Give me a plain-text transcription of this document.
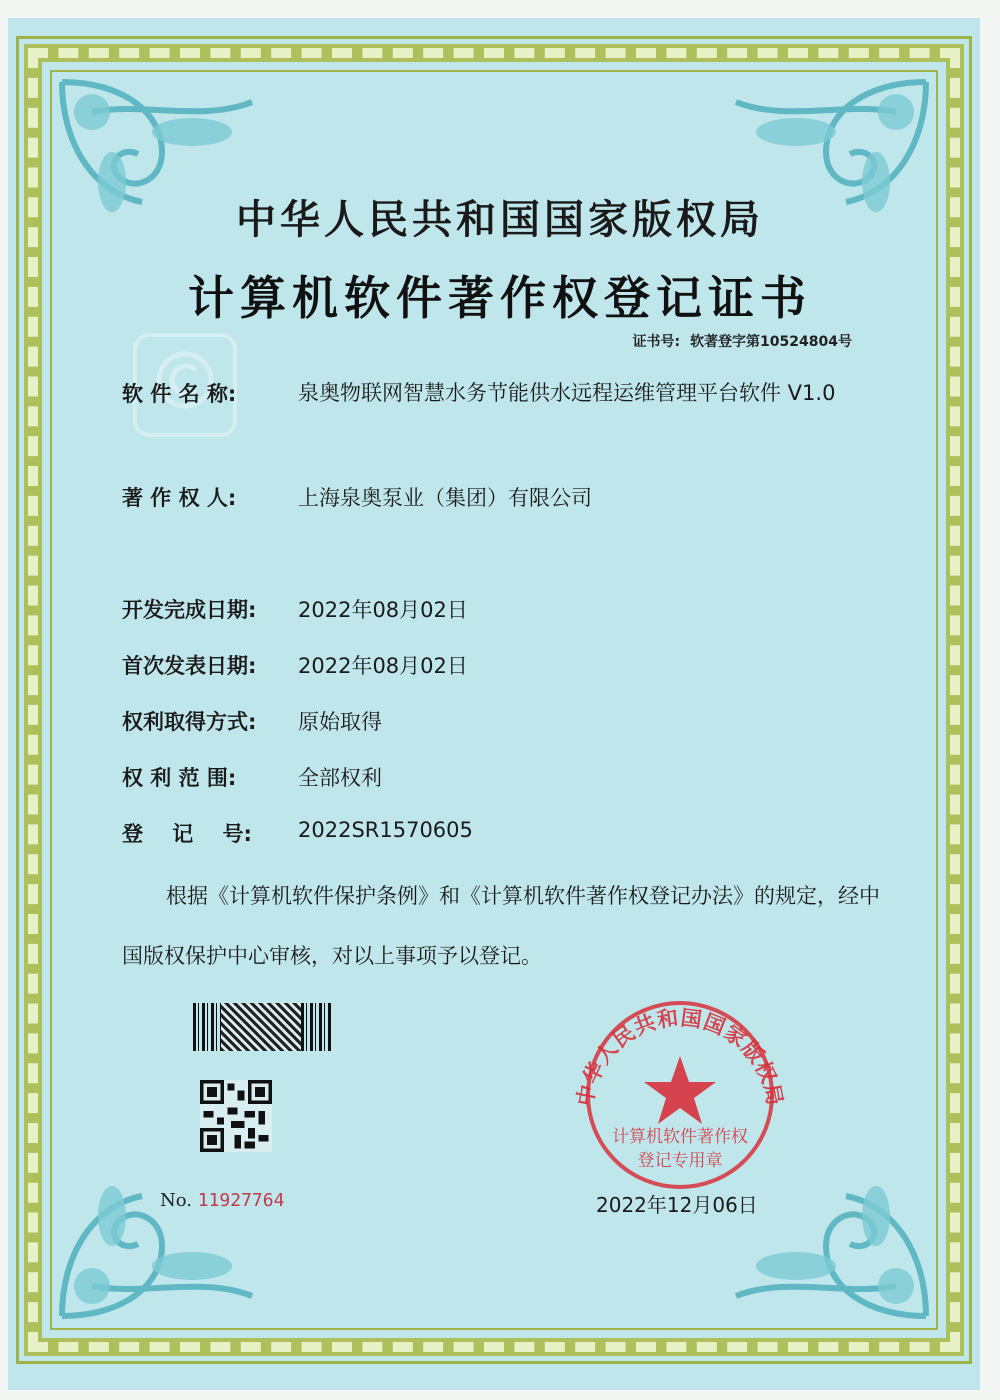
中华人民共和国国家版权局
计算机软件著作权登记证书
证书号: 软著登字第10524804号
软 件 名 称:	泉奥物联网智慧水务节能供水远程运维管理平台软件 V1.0
著 作 权 人:	上海泉奥泵业（集团）有限公司
开发完成日期: 2022年08月02日
首次发表日期: 2022年08月02日
权利取得方式: 原始取得
权 利 范 围:	全部权利
登    记    号: 2022SR1570605
根据《计算机软件保护条例》和《计算机软件著作权登记办法》的规定，经中国版权保护中心审核，对以上事项予以登记。
No. 11927764
中华人民共和国国家版权局
计算机软件著作权
登记专用章
2022年12月06日
